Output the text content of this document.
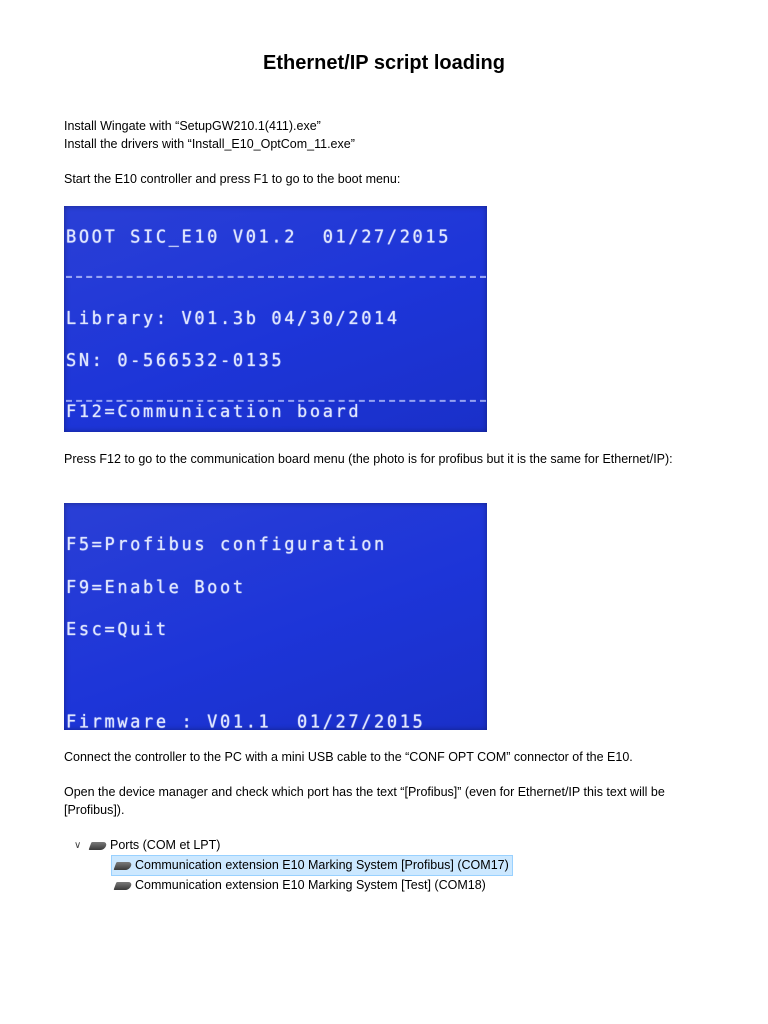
Ethernet/IP script loading
Install Wingate with “SetupGW210.1(411).exe”
Install the drivers with “Install_E10_OptCom_11.exe”
Start the E10 controller and press F1 to go to the boot menu:

BOOT SIC_E10 V01.2  01/27/2015

Library: V01.3b 04/30/2014

SN: 0-566532-0135

F12=Communication board
Press F12 to go to the communication board menu (the photo is for profibus but it is the same for Ethernet/IP):

F5=Profibus configuration

F9=Enable Boot

Esc=Quit

Firmware : V01.1  01/27/2015

Connect the controller to the PC with a mini USB cable to the “CONF OPT COM” connector of the E10.
Open the device manager and check which port has the text “[Profibus]” (even for Ethernet/IP this text will be [Profibus]).
∨	Ports (COM et LPT)
Communication extension E10 Marking System [Profibus] (COM17)
Communication extension E10 Marking System [Test] (COM18)
